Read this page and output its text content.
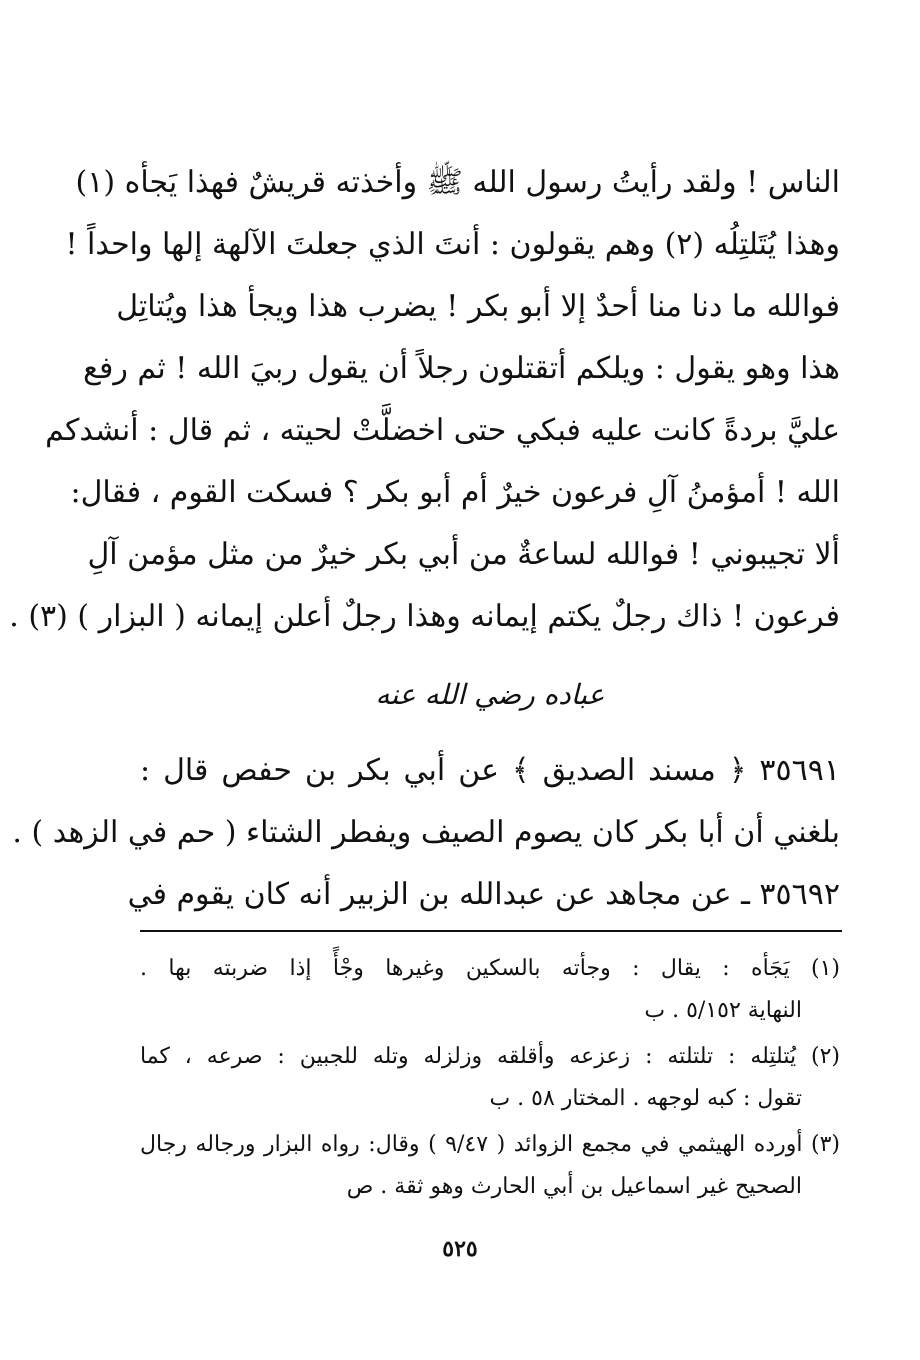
الناس ! ولقد رأيتُ رسول الله ﷺ وأخذته قريشٌ فهذا يَجأه (١)
وهذا يُتَلتِلُه (٢) وهم يقولون : أنتَ الذي جعلتَ الآلهة إلها واحداً !
فوالله ما دنا منا أحدٌ إلا أبو بكر ! يضرب هذا ويجأ هذا ويُتاتِل
هذا وهو يقول : ويلكم أتقتلون رجلاً أن يقول ربيَ الله ! ثم رفع
عليَّ بردةً كانت عليه فبكي حتى اخضلَّتْ لحيته ، ثم قال : أنشدكم
الله ! أمؤمنُ آلِ فرعون خيرٌ أم أبو بكر ؟ فسكت القوم ، فقال:
ألا تجيبوني ! فوالله لساعةٌ من أبي بكر خيرٌ من مثل مؤمن آلِ
فرعون ! ذاك رجلٌ يكتم إيمانه وهذا رجلٌ أعلن إيمانه ( البزار ) (٣) .
عباده رضي الله عنه
٣٥٦٩١ ﴿ مسند الصديق ﴾ عن أبي بكر بن حفص قال :
بلغني أن أبا بكر كان يصوم الصيف ويفطر الشتاء ( حم في الزهد ) .
٣٥٦٩٢ ـ عن مجاهد عن عبدالله بن الزبير أنه كان يقوم في
(١) يَجَأه : يقال : وجأته بالسكين وغيرها وجْأً إذا ضربته بها .
النهاية ٥/١٥٢ . ب
(٢) يُتلتِله : تلتلته : زعزعه وأقلقه وزلزله وتله للجبين : صرعه ، كما
تقول : كبه لوجهه . المختار ٥٨ . ب
(٣) أورده الهيثمي في مجمع الزوائد ( ٩/٤٧ ) وقال: رواه البزار ورجاله رجال
الصحيح غير اسماعيل بن أبي الحارث وهو ثقة . ص
٥٢٥
